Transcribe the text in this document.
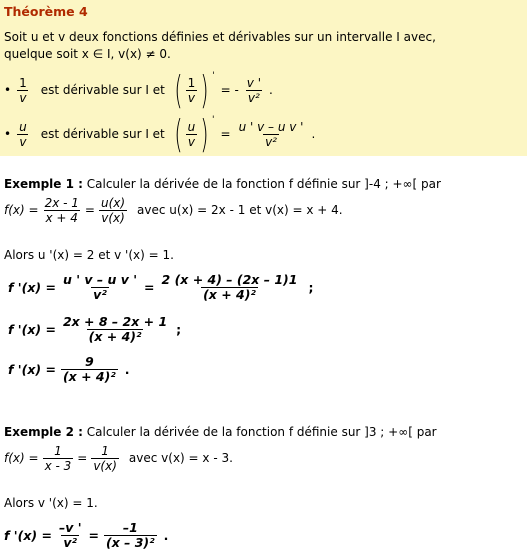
Théorème 4
Soit u et v deux fonctions définies et dérivables sur un intervalle I avec,
quelque soit x ∈ I, v(x) ≠ 0.
• $\frac{1}{v}$ est dérivable sur I et ( $\frac{1}{v}$ ) '
= - $\frac{v '}{\text{v²}}$ .
• $\frac{u}{v}$ est dérivable sur I et ( $\frac{u}{v}$ ) '
= $\frac{\text{u ' v – u v '}}{\text{v²}}$ .
Exemple 1 : Calculer la dérivée de la fonction f définie sur ]-4 ; +∞[ par
$f(x) = \frac{2x - 1}{x + 4} = \frac{u(x)}{v(x)}$ avec u(x) = 2x - 1 et v(x) = x + 4.
Alors u '(x) = 2 et v '(x) = 1.
f '$(x) = \frac{\text{u ' v – u v '}}{\text{v²}} = \frac{2 (x + 4) - (2x - 1)1}{\text{(x + 4)²}}$ ;
f '$(x) = \frac{2x + 8 - 2x + 1}{\text{(x + 4)²}}$ ;
f '$(x) = \frac{9}{\text{(x + 4)²}}$ .
Exemple 2 : Calculer la dérivée de la fonction f définie sur ]3 ; +∞[ par
$f(x) = \frac{1}{x - 3} = \frac{1}{v(x)}$ avec v(x) = x - 3.
Alors v '(x) = 1.
f '$(x) = \frac{-v '}{\text{v²}} = \frac{-1}{\text{(x – 3)²}}$ .
